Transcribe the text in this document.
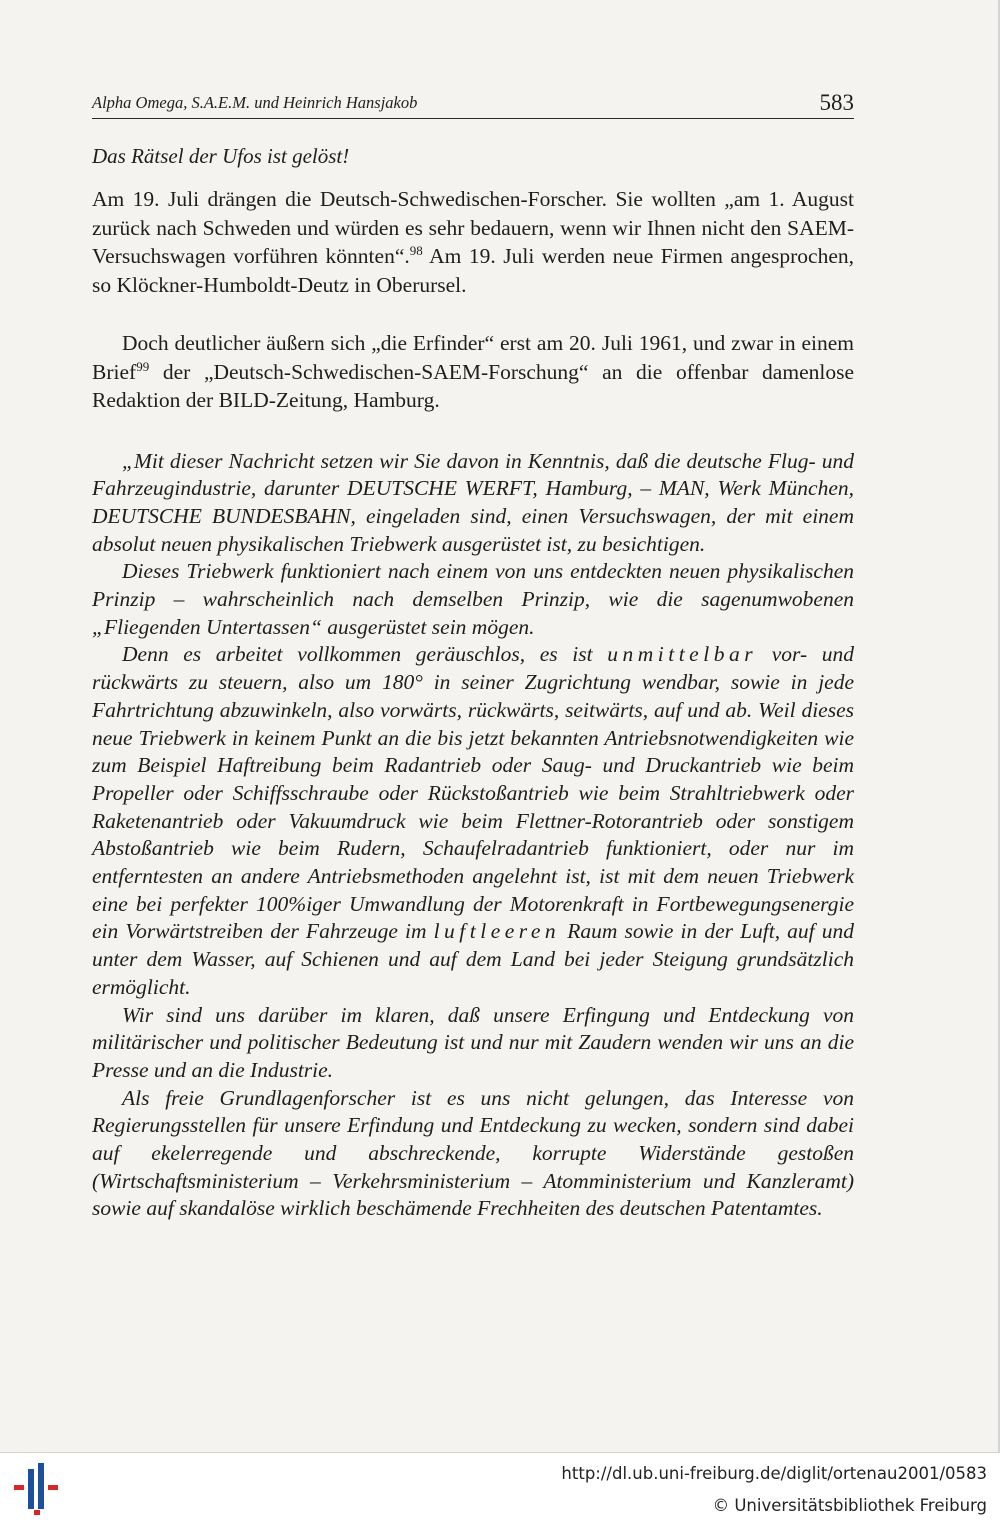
Alpha Omega, S.A.E.M. und Heinrich Hansjakob	583
Das Rätsel der Ufos ist gelöst!

Am 19. Juli drängen die Deutsch-Schwedischen-Forscher. Sie wollten „am 1. August zurück nach Schweden und würden es sehr bedauern, wenn wir Ihnen nicht den SAEM-Versuchswagen vorführen könnten“.$^{98}$ Am 19. Juli werden neue Firmen angesprochen, so Klöckner-Humboldt-Deutz in Oberursel.

Doch deutlicher äußern sich „die Erfinder“ erst am 20. Juli 1961, und zwar in einem Brief$^{99}$ der „Deutsch-Schwedischen-SAEM-Forschung“ an die offenbar damenlose Redaktion der BILD-Zeitung, Hamburg.

„Mit dieser Nachricht setzen wir Sie davon in Kenntnis, daß die deutsche Flug- und Fahrzeugindustrie, darunter DEUTSCHE WERFT, Hamburg, – MAN, Werk München, DEUTSCHE BUNDESBAHN, eingeladen sind, einen Versuchswagen, der mit einem absolut neuen physikalischen Triebwerk ausgerüstet ist, zu besichtigen.

Dieses Triebwerk funktioniert nach einem von uns entdeckten neuen physikalischen Prinzip – wahrscheinlich nach demselben Prinzip, wie die sagenumwobenen „Fliegenden Untertassen“ ausgerüstet sein mögen.

Denn es arbeitet vollkommen geräuschlos, es ist unmittelbar vor- und rückwärts zu steuern, also um 180° in seiner Zugrichtung wendbar, sowie in jede Fahrtrichtung abzuwinkeln, also vorwärts, rückwärts, seitwärts, auf und ab. Weil dieses neue Triebwerk in keinem Punkt an die bis jetzt bekannten Antriebsnotwendigkeiten wie zum Beispiel Haftreibung beim Radantrieb oder Saug- und Druckantrieb wie beim Propeller oder Schiffsschraube oder Rückstoßantrieb wie beim Strahltriebwerk oder Raketenantrieb oder Vakuumdruck wie beim Flettner-Rotorantrieb oder sonstigem Abstoßantrieb wie beim Rudern, Schaufelradantrieb funktioniert, oder nur im entferntesten an andere Antriebsmethoden angelehnt ist, ist mit dem neuen Triebwerk eine bei perfekter 100%iger Umwandlung der Motorenkraft in Fortbewegungsenergie ein Vorwärtstreiben der Fahrzeuge im luftleeren Raum sowie in der Luft, auf und unter dem Wasser, auf Schienen und auf dem Land bei jeder Steigung grundsätzlich ermöglicht.

Wir sind uns darüber im klaren, daß unsere Erfingung und Entdeckung von militärischer und politischer Bedeutung ist und nur mit Zaudern wenden wir uns an die Presse und an die Industrie.

Als freie Grundlagenforscher ist es uns nicht gelungen, das Interesse von Regierungsstellen für unsere Erfindung und Entdeckung zu wecken, sondern sind dabei auf ekelerregende und abschreckende, korrupte Widerstände gestoßen (Wirtschaftsministerium – Verkehrsministerium – Atomministerium und Kanzleramt) sowie auf skandalöse wirklich beschämende Frechheiten des deutschen Patentamtes.

http://dl.ub.uni-freiburg.de/diglit/ortenau2001/0583
© Universitätsbibliothek Freiburg
